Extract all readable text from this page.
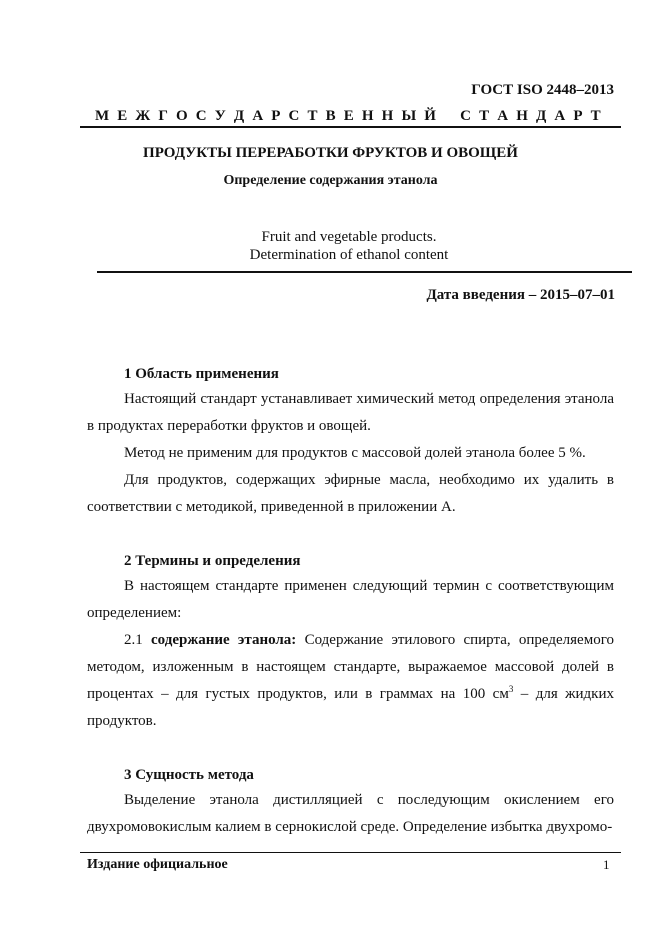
ГОСТ ISO 2448–2013
М Е Ж Г О С У Д А Р С Т В Е Н Н Ы Й С Т А Н Д А Р Т
ПРОДУКТЫ ПЕРЕРАБОТКИ ФРУКТОВ И ОВОЩЕЙ
Определение содержания этанола
Fruit and vegetable products.
Determination of ethanol content
Дата введения – 2015–07–01
1 Область применения
Настоящий стандарт устанавливает химический метод определения этанола в продуктах переработки фруктов и овощей.
Метод не применим для продуктов с массовой долей этанола более 5 %.
Для продуктов, содержащих эфирные масла, необходимо их удалить в соответствии с методикой, приведенной в приложении А.
2 Термины и определения
В настоящем стандарте применен следующий термин с соответствующим определением:
2.1 содержание этанола: Содержание этилового спирта, определяемого методом, изложенным в настоящем стандарте, выражаемое массовой долей в процентах – для густых продуктов, или в граммах на 100 $см^3$ – для жидких продуктов.
3 Сущность метода
Выделение этанола дистилляцией с последующим окислением его двухромовокислым калием в сернокислой среде. Определение избытка двухромо-
Издание официальное	1
